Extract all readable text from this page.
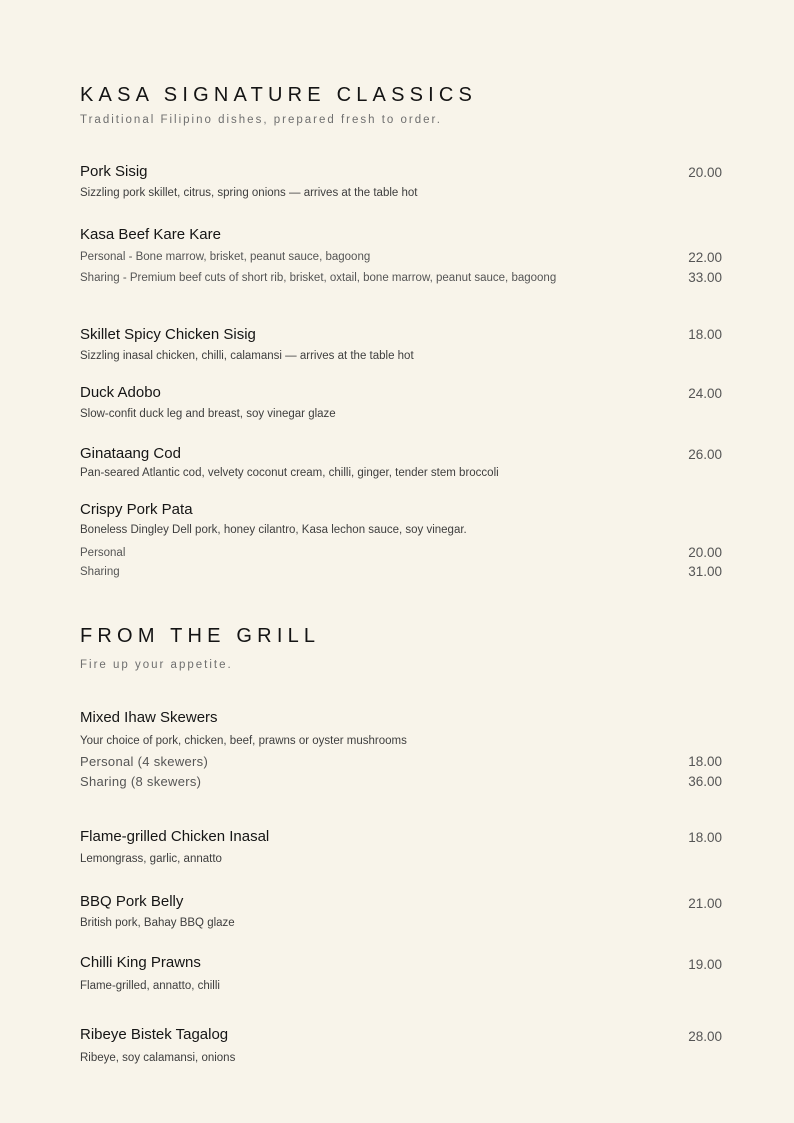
KASA SIGNATURE CLASSICS
Traditional Filipino dishes, prepared fresh to order.
Pork Sisig
Sizzling pork skillet, citrus, spring onions — arrives at the table hot
20.00
Kasa Beef Kare Kare
Personal - Bone marrow, brisket, peanut sauce, bagoong	22.00
Sharing - Premium beef cuts of short rib, brisket, oxtail, bone marrow, peanut sauce, bagoong	33.00
Skillet Spicy Chicken Sisig
Sizzling inasal chicken, chilli, calamansi — arrives at the table hot
18.00
Duck Adobo
Slow-confit duck leg and breast, soy vinegar glaze
24.00
Ginataang Cod
Pan-seared Atlantic cod, velvety coconut cream, chilli, ginger, tender stem broccoli
26.00
Crispy Pork Pata
Boneless Dingley Dell pork, honey cilantro, Kasa lechon sauce, soy vinegar.
Personal	20.00
Sharing	31.00
FROM THE GRILL
Fire up your appetite.
Mixed Ihaw Skewers
Your choice of pork, chicken, beef, prawns or oyster mushrooms
Personal (4 skewers)	18.00
Sharing (8 skewers)	36.00
Flame-grilled Chicken Inasal
Lemongrass, garlic, annatto
18.00
BBQ Pork Belly
British pork, Bahay BBQ glaze
21.00
Chilli King Prawns
Flame-grilled, annatto, chilli
19.00
Ribeye Bistek Tagalog
Ribeye, soy calamansi, onions
28.00
